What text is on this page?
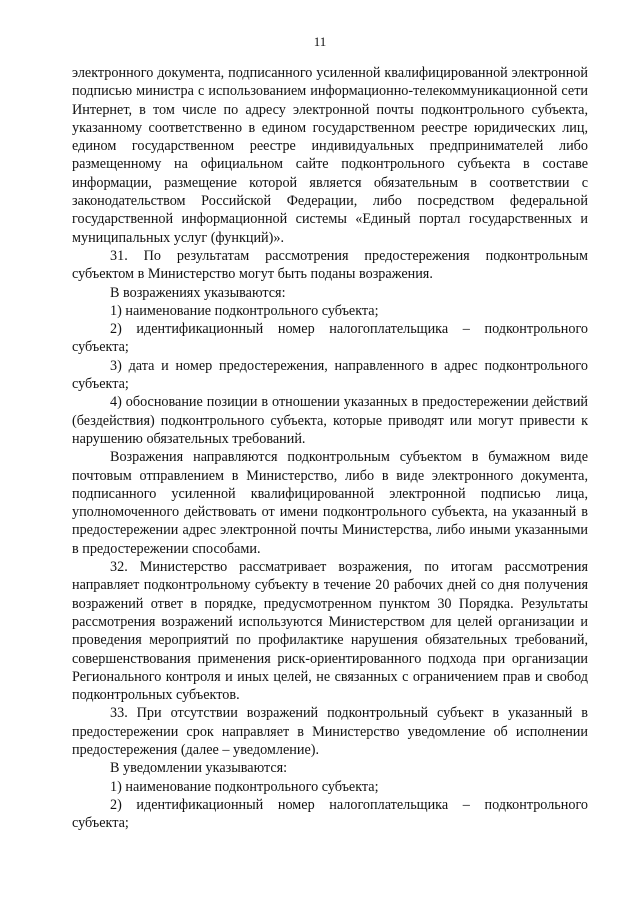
11

электронного документа, подписанного усиленной квалифицированной электронной подписью министра с использованием информационно-телекоммуникационной сети Интернет, в том числе по адресу электронной почты подконтрольного субъекта, указанному соответственно в едином государственном реестре юридических лиц, едином государственном реестре индивидуальных предпринимателей либо размещенному на официальном сайте подконтрольного субъекта в составе информации, размещение которой является обязательным в соответствии с законодательством Российской Федерации, либо посредством федеральной государственной информационной системы «Единый портал государственных и муниципальных услуг (функций)».

31. По результатам рассмотрения предостережения подконтрольным субъектом в Министерство могут быть поданы возражения.

В возражениях указываются:

1) наименование подконтрольного субъекта;

2) идентификационный номер налогоплательщика – подконтрольного субъекта;

3) дата и номер предостережения, направленного в адрес подконтрольного субъекта;

4) обоснование позиции в отношении указанных в предостережении действий (бездействия) подконтрольного субъекта, которые приводят или могут привести к нарушению обязательных требований.

Возражения направляются подконтрольным субъектом в бумажном виде почтовым отправлением в Министерство, либо в виде электронного документа, подписанного усиленной квалифицированной электронной подписью лица, уполномоченного действовать от имени подконтрольного субъекта, на указанный в предостережении адрес электронной почты Министерства, либо иными указанными в предостережении способами.

32. Министерство рассматривает возражения, по итогам рассмотрения направляет подконтрольному субъекту в течение 20 рабочих дней со дня получения возражений ответ в порядке, предусмотренном пунктом 30 Порядка. Результаты рассмотрения возражений используются Министерством для целей организации и проведения мероприятий по профилактике нарушения обязательных требований, совершенствования применения риск-ориентированного подхода при организации Регионального контроля и иных целей, не связанных с ограничением прав и свобод подконтрольных субъектов.

33. При отсутствии возражений подконтрольный субъект в указанный в предостережении срок направляет в Министерство уведомление об исполнении предостережения (далее – уведомление).

В уведомлении указываются:

1) наименование подконтрольного субъекта;

2) идентификационный номер налогоплательщика – подконтрольного субъекта;
